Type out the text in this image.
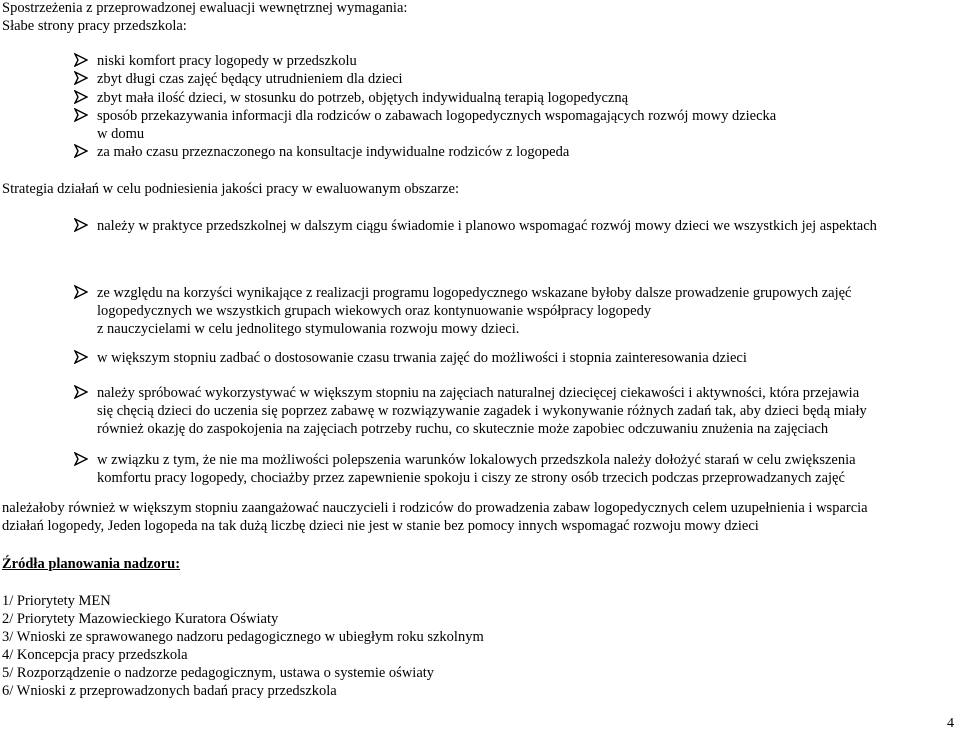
Spostrzeżenia z przeprowadzonej ewaluacji wewnętrznej wymagania:
Słabe strony pracy przedszkola:
niski komfort pracy logopedy w przedszkolu
zbyt długi czas zajęć będący utrudnieniem dla dzieci
zbyt mała ilość dzieci, w stosunku do potrzeb, objętych indywidualną terapią logopedyczną
sposób przekazywania informacji dla rodziców o zabawach logopedycznych wspomagających rozwój mowy dziecka
w domu
za mało czasu przeznaczonego na konsultacje indywidualne rodziców z logopeda
Strategia działań w celu podniesienia jakości pracy w ewaluowanym obszarze:
należy w praktyce przedszkolnej w dalszym ciągu świadomie i planowo wspomagać rozwój mowy dzieci we wszystkich jej aspektach
ze względu na korzyści wynikające z realizacji programu logopedycznego wskazane byłoby dalsze prowadzenie grupowych zajęć
logopedycznych we wszystkich grupach wiekowych oraz kontynuowanie współpracy logopedy
z nauczycielami w celu jednolitego stymulowania rozwoju mowy dzieci.
w większym stopniu zadbać o dostosowanie czasu trwania zajęć do możliwości i stopnia zainteresowania dzieci
należy spróbować wykorzystywać w większym stopniu na zajęciach naturalnej dziecięcej ciekawości i aktywności, która przejawia
się chęcią dzieci do uczenia się poprzez zabawę w rozwiązywanie zagadek i wykonywanie różnych zadań tak, aby dzieci będą miały
również okazję do zaspokojenia na zajęciach potrzeby ruchu, co skutecznie może zapobiec odczuwaniu znużenia na zajęciach
w związku z tym, że nie ma możliwości polepszenia warunków lokalowych przedszkola należy dołożyć starań w celu zwiększenia
komfortu pracy logopedy, chociażby przez zapewnienie spokoju i ciszy ze strony osób trzecich podczas przeprowadzanych zajęć
należałoby również w większym stopniu zaangażować nauczycieli i rodziców do prowadzenia zabaw logopedycznych celem uzupełnienia i wsparcia
działań logopedy, Jeden logopeda na tak dużą liczbę dzieci nie jest w stanie bez pomocy innych wspomagać rozwoju mowy dzieci
Źródła planowania nadzoru:
1/ Priorytety MEN
2/ Priorytety Mazowieckiego Kuratora Oświaty
3/ Wnioski ze sprawowanego nadzoru pedagogicznego w ubiegłym roku szkolnym
4/ Koncepcja pracy przedszkola
5/ Rozporządzenie o nadzorze pedagogicznym, ustawa o systemie oświaty
6/ Wnioski z przeprowadzonych badań pracy przedszkola
4
